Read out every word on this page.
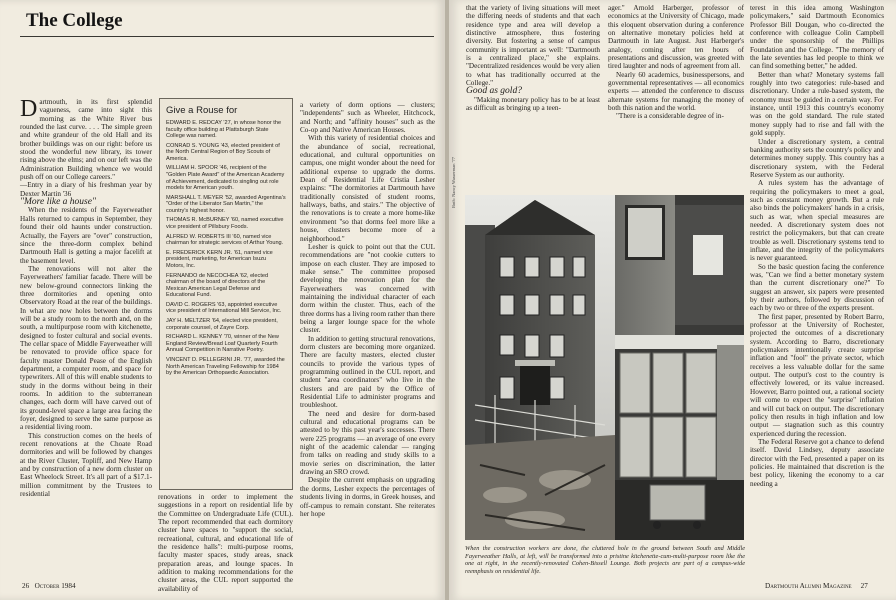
The College

Dartmouth, in its first splendid vagueness, came into sight this morning as the White River bus rounded the last curve. . . . The simple green and white grandeur of the old Hall and its brother buildings was on our right: before us stood the wonderful new library, its tower rising above the elms; and on our left was the Administration Building whence we would push off on our College careers."

—Entry in a diary of his freshman year by Dexter Martin '36

"More like a house"

When the residents of the Fayerweather Halls returned to campus in September, they found their old haunts under construction. Actually, the Fayers are "over" construction, since the three-dorm complex behind Dartmouth Hall is getting a major facelift at the basement level.

The renovations will not alter the Fayerweathers' familiar facade. There will be new below-ground connectors linking the three dormitories and opening onto Observatory Road at the rear of the buildings. In what are now holes between the dorms will be a study room to the north and, on the south, a multipurpose room with kitchenette, designed to foster cultural and social events. The cellar space of Middle Fayerweather will be renovated to provide office space for faculty master Donald Pease of the English department, a computer room, and space for typewriters. All of this will enable students to study in the dorms without being in their rooms. In addition to the subterranean changes, each dorm will have carved out of its ground-level space a large area facing the foyer, designed to serve the same purpose as a residential living room.

This construction comes on the heels of recent renovations at the Choate Road dormitories and will be followed by changes at the River Cluster, Topliff, and New Hamp and by construction of a new dorm cluster on East Wheelock Street. It's all part of a $17.1-million commitment by the Trustees to residential

Give a Rouse for

EDWARD E. REDCAY '27, in whose honor the faculty office building at Plattsburgh State College was named.

CONRAD S. YOUNG '43, elected president of the North Central Region of Boy Scouts of America.

WILLIAM H. SPOOR '46, recipient of the "Golden Plate Award" of the American Academy of Achievement, dedicated to singling out role models for American youth.

MARSHALL T. MEYER '52, awarded Argentina's "Order of the Liberator San Martin," the country's highest honor.

THOMAS R. McBURNEY '60, named executive vice president of Pillsbury Foods.

ALFRED W. ROBERTS III '60, named vice chairman for strategic services of Arthur Young.

E. FREDERICK KERN JR. '61, named vice president, marketing, for American Isuzu Motors, Inc.

FERNANDO de NECOCHEA '62, elected chairman of the board of directors of the Mexican American Legal Defense and Educational Fund.

DAVID C. ROGERS '63, appointed executive vice president of International Mill Service, Inc.

JAY H. MELTZER '64, elected vice president, corporate counsel, of Zayre Corp.

RICHARD L. KENNEY '70, winner of the New England Review/Bread Loaf Quarterly Fourth Annual Competition in Narrative Poetry.

VINCENT D. PELLEGRINI JR. '77, awarded the North American Traveling Fellowship for 1984 by the American Orthopaedic Association.

renovations in order to implement the suggestions in a report on residential life by the Committee on Undergraduate Life (CUL). The report recommended that each dormitory cluster have spaces to "support the social, recreational, cultural, and educational life of the residence halls": multi-purpose rooms, faculty master spaces, study areas, snack preparation areas, and lounge spaces. In addition to making recommendations for the cluster areas, the CUL report supported the availability of

a variety of dorm options — clusters; "independents" such as Wheeler, Hitchcock, and North; and "affinity houses" such as the Co-op and Native American Houses.

With this variety of residential choices and the abundance of social, recreational, educational, and cultural opportunities on campus, one might wonder about the need for additional expense to upgrade the dorms. Dean of Residential Life Cristia Lesher explains: "The dormitories at Dartmouth have traditionally consisted of student rooms, hallways, baths, and stairs." The objective of the renovations is to create a more home-like environment "so that dorms feel more like a house, clusters become more of a neighborhood."

Lesher is quick to point out that the CUL recommendations are "not cookie cutters to impose on each cluster. They are imposed to make sense." The committee proposed developing the renovation plan for the Fayerweathers was concerned with maintaining the individual character of each dorm within the cluster. Thus, each of the three dorms has a living room rather than there being a larger lounge space for the whole cluster.

In addition to getting structural renovations, dorm clusters are becoming more organized. There are faculty masters, elected cluster councils to provide the various types of programming outlined in the CUL report, and student "area coordinators" who live in the clusters and are paid by the Office of Residential Life to administer programs and troubleshoot.

The need and desire for dorm-based cultural and educational programs can be attested to by this past year's successes. There were 225 programs — an average of one every night of the academic calendar — ranging from talks on reading and study skills to a movie series on discrimination, the latter drawing an SRO crowd.

Despite the current emphasis on upgrading the dorms, Lesher expects the percentages of students living in dorms, in Greek houses, and off-campus to remain constant. She reiterates her hope

26 October 1984

that the variety of living situations will meet the differing needs of students and that each residence type and area will develop a distinctive atmosphere, thus fostering diversity. But fostering a sense of campus community is important as well: "Dartmouth is a centralized place," she explains. "Decentralized residences would be very alien to what has traditionally occurred at the College."

Good as gold?

"Making monetary policy has to be at least as difficult as bringing up a teen-

ager." Arnold Harberger, professor of economics at the University of Chicago, made this eloquent observation during a conference on alternative monetary policies held at Dartmouth in late August. Just Harberger's analogy, coming after ten hours of presentations and discussion, was greeted with tired laughter and nods of agreement from all.

Nearly 60 academics, businesspersons, and governmental representatives — all economics experts — attended the conference to discuss alternate systems for managing the money of both this nation and the world.

"There is a considerable degree of in-

terest in this idea among Washington policymakers," said Dartmouth Economics Professor Bill Dougan, who co-directed the conference with colleague Colin Campbell under the sponsorship of the Phillips Foundation and the College. "The memory of the late seventies has led people to think we can find something better," he added.

Better than what? Monetary systems fall roughly into two categories: rule-based and discretionary. Under a rule-based system, the economy must be guided in a certain way. For instance, until 1913 this country's economy was on the gold standard. The rule stated money supply had to rise and fall with the gold supply.

Under a discretionary system, a central banking authority sets the country's policy and determines money supply. This country has a discretionary system, with the Federal Reserve System as our authority.

A rules system has the advantage of requiring the policymakers to meet a goal, such as constant money growth. But a rule also binds the policymakers' hands in a crisis, such as war, when special measures are needed. A discretionary system does not restrict the policymakers, but that can create trouble as well. Discretionary systems tend to inflate, and the integrity of the policymakers is never guaranteed.

So the basic question facing the conference was, "Can we find a better monetary system than the current discretionary one?" To suggest an answer, six papers were presented by their authors, followed by discussion of each by two or three of the experts present.

The first paper, presented by Robert Barro, professor at the University of Rochester, projected the outcomes of a discretionary system. According to Barro, discretionary policymakers intentionally create surprise inflation and "fool" the private sector, which receives a less valuable dollar for the same output. The output's cost to the country is effectively lowered, or its value increased. However, Barro pointed out, a rational society will come to expect the "surprise" inflation and will cut back on output. The discretionary policy then results in high inflation and low output — stagnation such as this country experienced during the recession.

The Federal Reserve got a chance to defend itself. David Lindsey, deputy associate director with the Fed, presented a paper on its policies. He maintained that discretion is the best policy, likening the economy to a car needing a

Both: Nancy Wasserman '77
When the construction workers are done, the cluttered hole in the ground between South and Middle Fayerweather Halls, at left, will be transformed into a pristine kitchenette-cum-multi-purpose room like the one at right, in the recently-renovated Cohen-Bissell Lounge. Both projects are part of a campus-wide reemphasis on residential life.
Dartmouth Alumni Magazine 27
